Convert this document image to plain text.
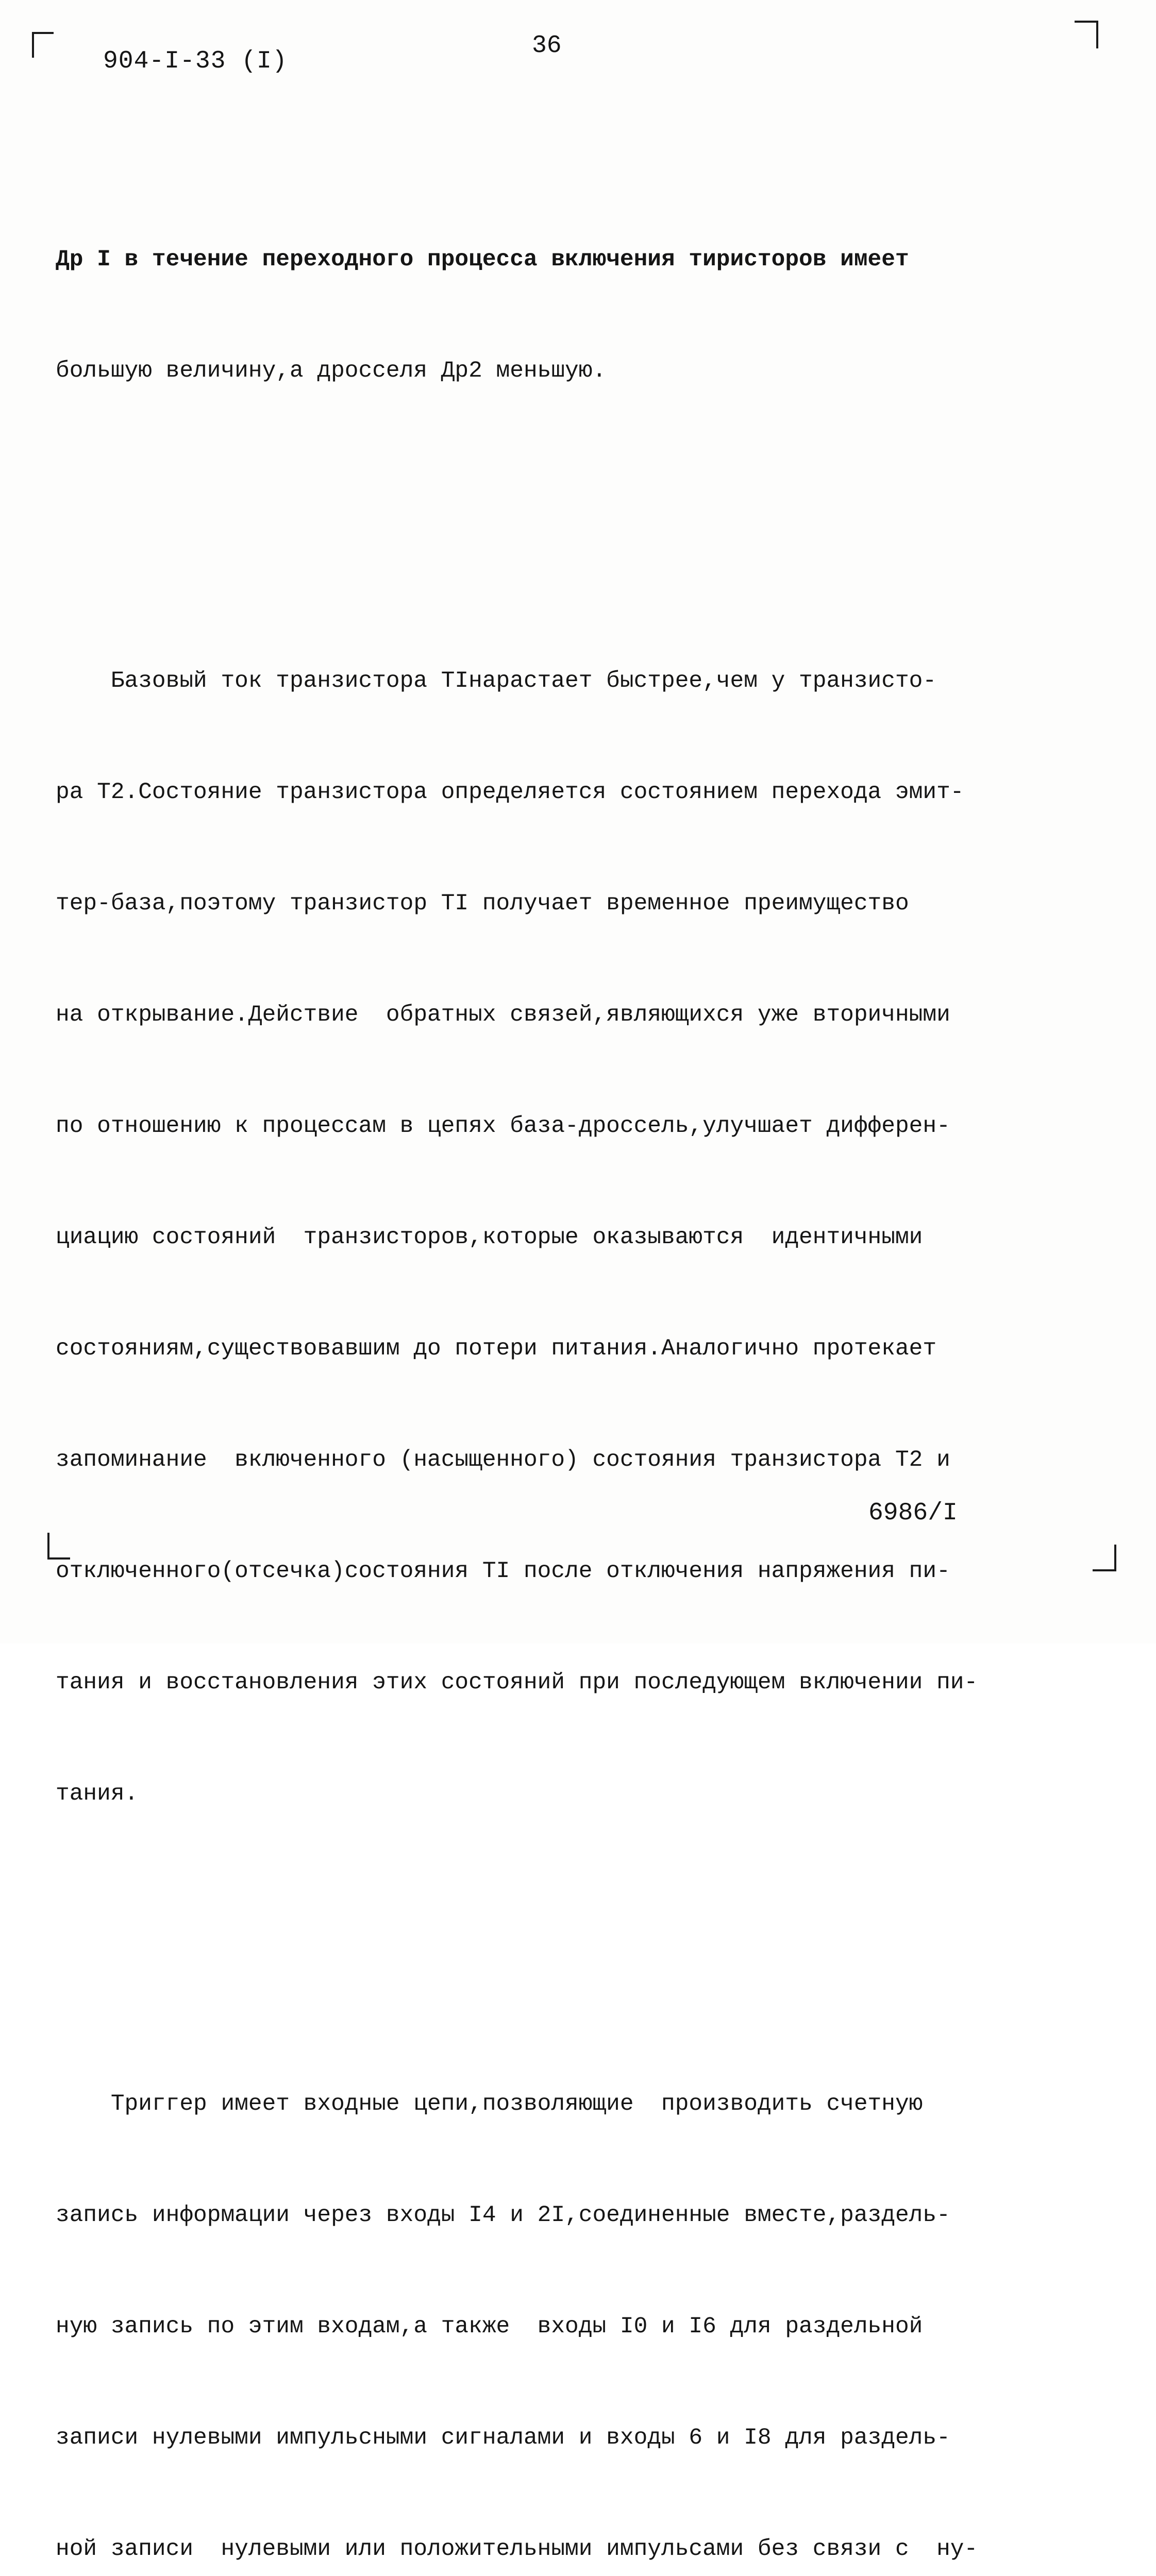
904-I-33 (I)
36

Др I в течение переходного процесса включения тиристоров имеет

большую величину,а дросселя Др2 меньшую.

Базовый ток транзистора TIнарастает быстрее,чем у транзисто-

ра T2.Состояние транзистора определяется состоянием перехода эмит-

тер-база,поэтому транзистор TI получает временное преимущество

на открывание.Действие  обратных связей,являющихся уже вторичными

по отношению к процессам в цепях база-дроссель,улучшает дифферен-

циацию состояний  транзисторов,которые оказываются  идентичными

состояниям,существовавшим до потери питания.Аналогично протекает

запоминание  включенного (насыщенного) состояния транзистора T2 и

отключенного(отсечка)состояния TI после отключения напряжения пи-

тания и восстановления этих состояний при последующем включении пи-

тания.

Триггер имеет входные цепи,позволяющие  производить счетную

запись информации через входы I4 и 2I,соединенные вместе,раздель-

ную запись по этим входам,а также  входы I0 и I6 для раздельной

записи нулевыми импульсными сигналами и входы 6 и I8 для раздель-

ной записи  нулевыми или положительными импульсами без связи с  ну-

6986/I
